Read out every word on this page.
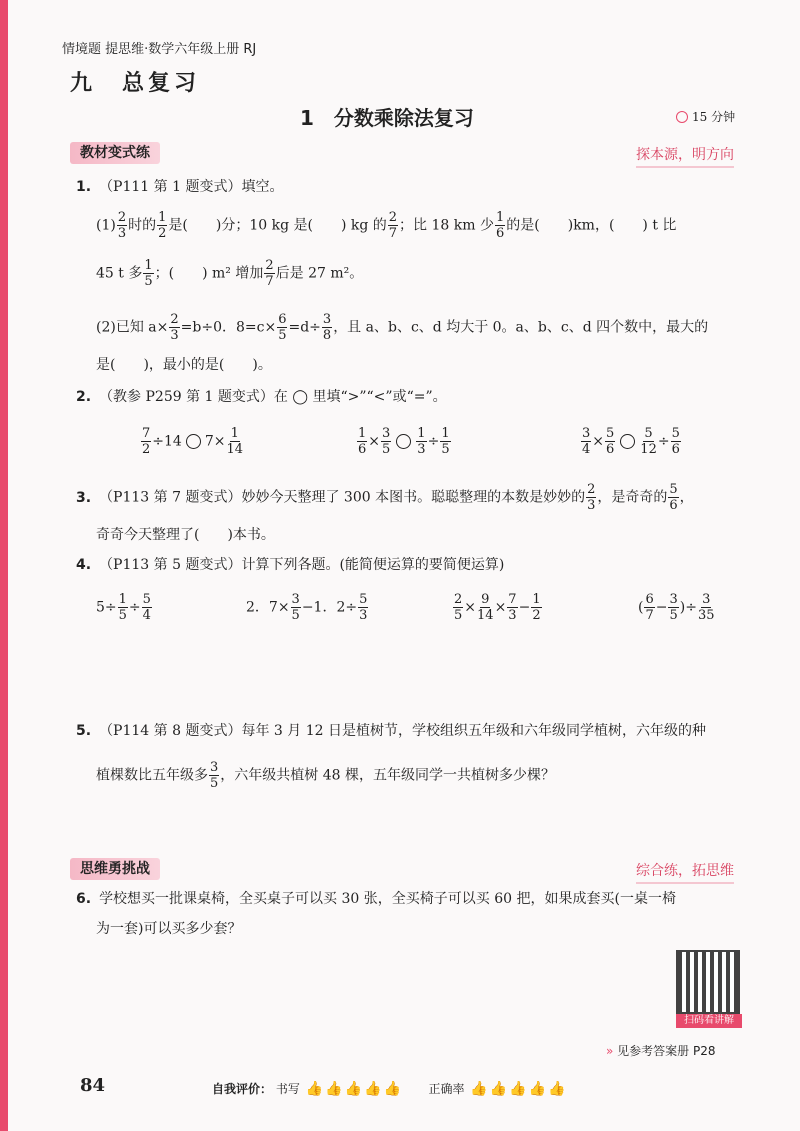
情境题 提思维·数学六年级上册 RJ
九　总复习
1　分数乘除法复习	15 分钟
教材变式练	探本源，明方向
1. （P111 第 1 题变式）填空。
$(1) \frac{2}{3}$ 时的 $\frac{1}{2}$ 是(　　)分；10 kg 是(　　) kg 的 $\frac{2}{7}$ ；比 18 km 少 $\frac{1}{6}$ 的是(　　)km，(　　) t 比
45 t 多 $\frac{1}{5}$ ；(　　) m² 增加 $\frac{2}{7}$ 后是 27 m²。
(2)已知 $a\times \frac{2}{3} =b\div 0$．$8=c\times \frac{6}{5} =d\div \frac{3}{8}$ ，且 a、b、c、d 均大于 0。a、b、c、d 四个数中，最大的
是(　　)，最小的是(　　)。
2. （教参 P259 第 1 题变式）在 ◯ 里填“>”“<”或“=”。
$\frac{7}{2} \div 14$ $7\times \frac{1}{14}$	$\frac{1}{6} \times \frac{3}{5} \frac{1}{3} \div \frac{1}{5}$	$\frac{3}{4} \times \frac{5}{6} \frac{5}{12} \div \frac{5}{6}$
3. （P113 第 7 题变式）妙妙今天整理了 300 本图书。聪聪整理的本数是妙妙的 $\frac{2}{3}$ ，是奇奇的 $\frac{5}{6}$ ，
奇奇今天整理了(　　)本书。
4. （P113 第 5 题变式）计算下列各题。(能简便运算的要简便运算)
$5\div \frac{1}{5} \div \frac{5}{4}$	2．$7\times \frac{3}{5} -1$．$2\div \frac{5}{3}$	$\frac{2}{5} \times \frac{9}{14} \times \frac{7}{3} - \frac{1}{2}$	( $\frac{6}{7} - \frac{3}{5}$ )÷ $\frac{3}{35}$
5. （P114 第 8 题变式）每年 3 月 12 日是植树节，学校组织五年级和六年级同学植树，六年级的种
植棵数比五年级多 $\frac{3}{5}$ ，六年级共植树 48 棵，五年级同学一共植树多少棵？
思维勇挑战	综合练，拓思维
6. 学校想买一批课桌椅，全买桌子可以买 30 张，全买椅子可以买 60 把，如果成套买(一桌一椅
为一套)可以买多少套？
扫码看讲解
» 见参考答案册 P28
84	自我评价： 书写 👍 👍 👍 👍 👍 正确率 👍 👍 👍 👍 👍
